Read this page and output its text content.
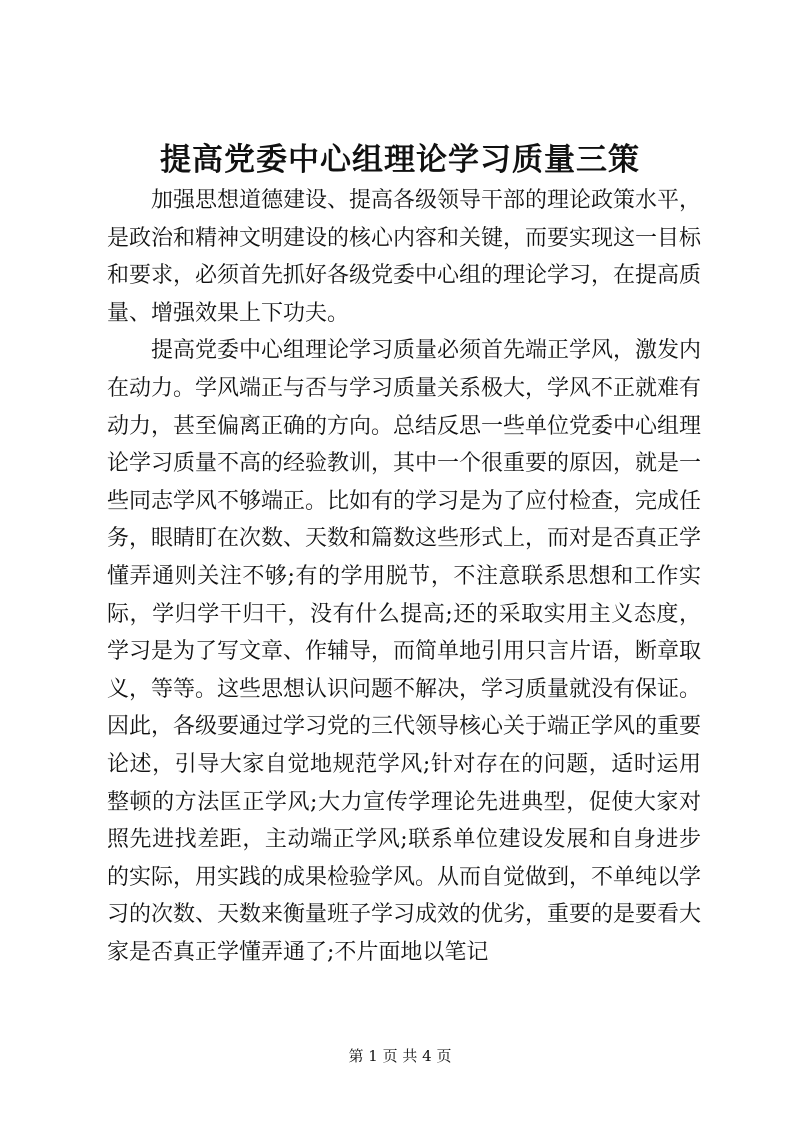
提高党委中心组理论学习质量三策

加强思想道德建设、提高各级领导干部的理论政策水平，是政治和精神文明建设的核心内容和关键，而要实现这一目标和要求，必须首先抓好各级党委中心组的理论学习，在提高质量、增强效果上下功夫。

提高党委中心组理论学习质量必须首先端正学风，激发内在动力。学风端正与否与学习质量关系极大，学风不正就难有动力，甚至偏离正确的方向。总结反思一些单位党委中心组理论学习质量不高的经验教训，其中一个很重要的原因，就是一些同志学风不够端正。比如有的学习是为了应付检查，完成任务，眼睛盯在次数、天数和篇数这些形式上，而对是否真正学懂弄通则关注不够;有的学用脱节，不注意联系思想和工作实际，学归学干归干，没有什么提高;还的采取实用主义态度，学习是为了写文章、作辅导，而简单地引用只言片语，断章取义，等等。这些思想认识问题不解决，学习质量就没有保证。因此，各级要通过学习党的三代领导核心关于端正学风的重要论述，引导大家自觉地规范学风;针对存在的问题，适时运用整顿的方法匡正学风;大力宣传学理论先进典型，促使大家对照先进找差距，主动端正学风;联系单位建设发展和自身进步的实际，用实践的成果检验学风。从而自觉做到，不单纯以学习的次数、天数来衡量班子学习成效的优劣，重要的是要看大家是否真正学懂弄通了;不片面地以笔记

第 1 页 共 4 页
